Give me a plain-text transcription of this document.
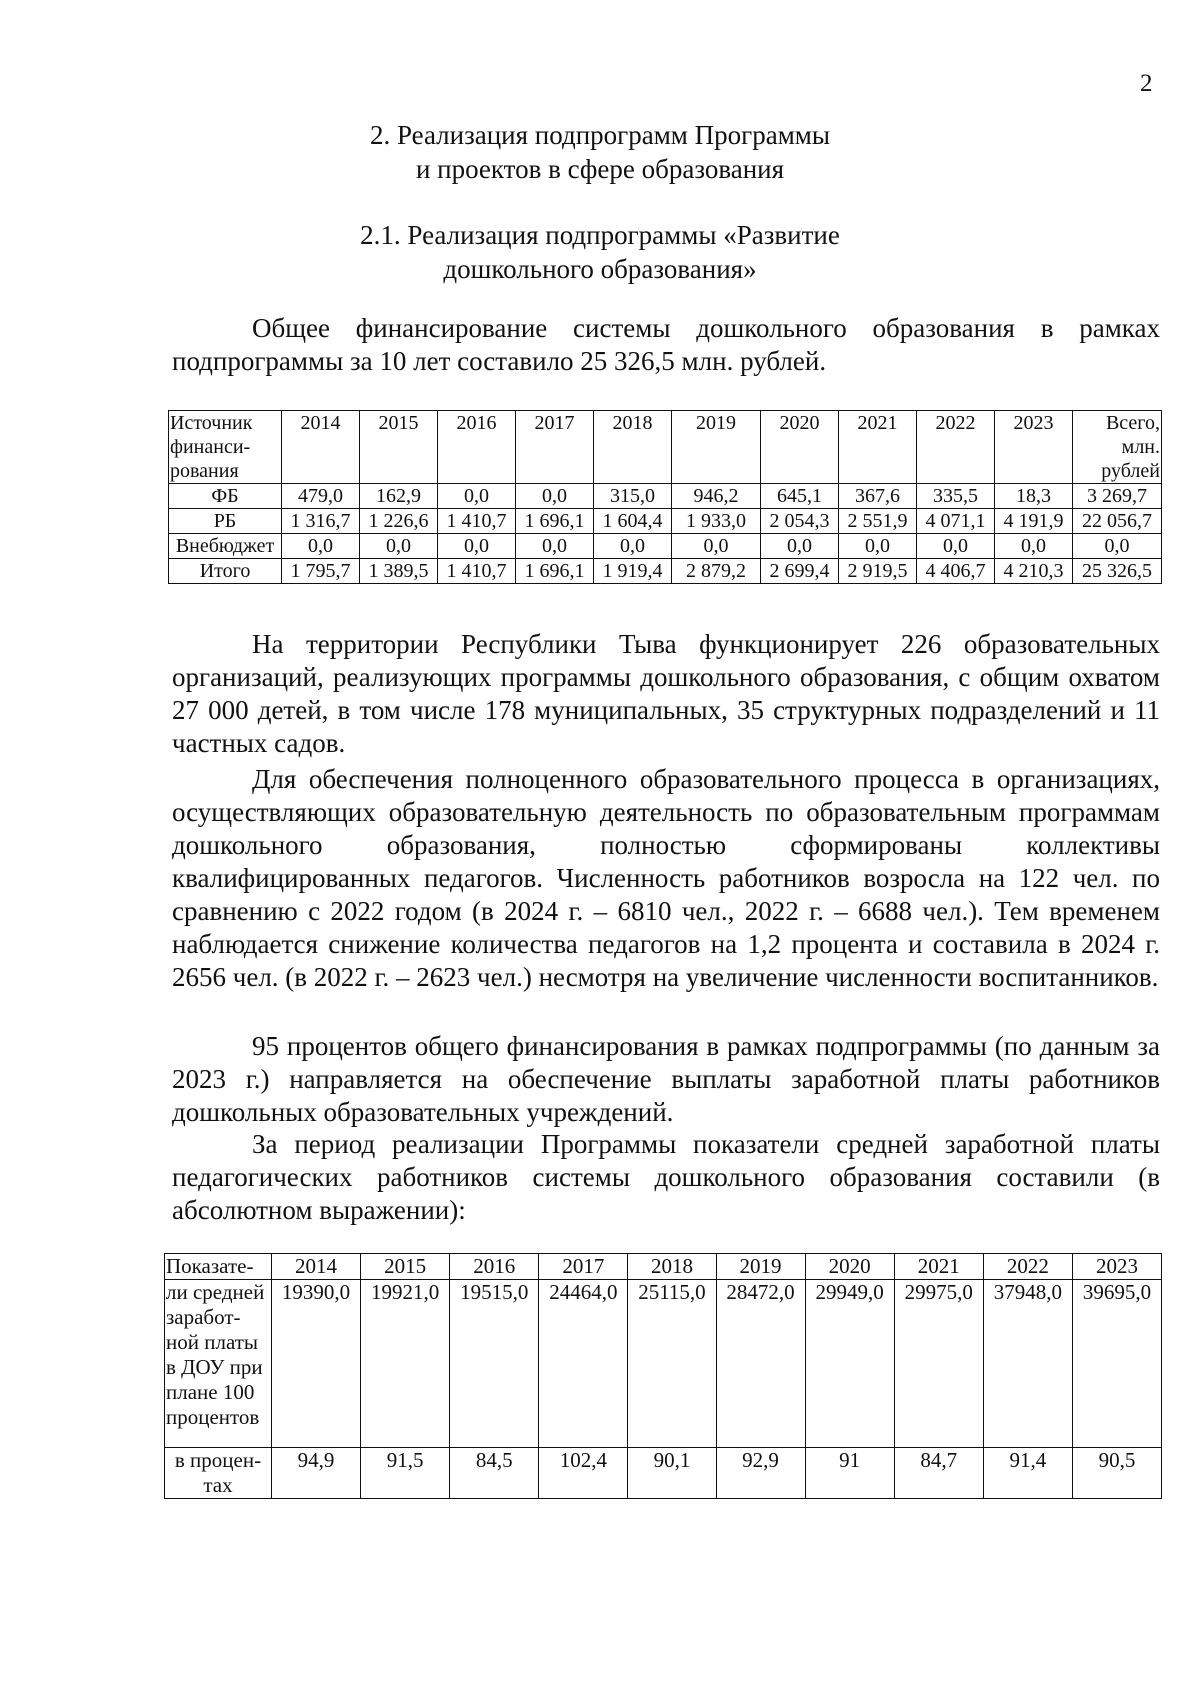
2
2. Реализация подпрограмм Программы
и проектов в сфере образования
2.1. Реализация подпрограммы «Развитие
дошкольного образования»

Общее финансирование системы дошкольного образования в рамках подпрограммы за 10 лет составило 25 326,5 млн. рублей.

Источник финанси-рования	2014	2015	2016	2017	2018	2019	2020	2021	2022	2023	Всего, млн. рублей
ФБ	479,0	162,9	0,0	0,0	315,0	946,2	645,1	367,6	335,5	18,3	3 269,7
РБ	1 316,7	1 226,6	1 410,7	1 696,1	1 604,4	1 933,0	2 054,3	2 551,9	4 071,1	4 191,9	22 056,7
Внебюджет	0,0	0,0	0,0	0,0	0,0	0,0	0,0	0,0	0,0	0,0	0,0
Итого	1 795,7	1 389,5	1 410,7	1 696,1	1 919,4	2 879,2	2 699,4	2 919,5	4 406,7	4 210,3	25 326,5

На территории Республики Тыва функционирует 226 образовательных организаций, реализующих программы дошкольного образования, с общим охватом 27 000 детей, в том числе 178 муниципальных, 35 структурных подразделений и 11 частных садов.

Для обеспечения полноценного образовательного процесса в организациях, осуществляющих образовательную деятельность по образовательным программам дошкольного образования, полностью сформированы коллективы квалифицированных педагогов. Численность работников возросла на 122 чел. по сравнению с 2022 годом (в 2024 г. – 6810 чел., 2022 г. – 6688 чел.). Тем временем наблюдается снижение количества педагогов на 1,2 процента и составила в 2024 г. 2656 чел. (в 2022 г. – 2623 чел.) несмотря на увеличение численности воспитанников.

95 процентов общего финансирования в рамках подпрограммы (по данным за 2023 г.) направляется на обеспечение выплаты заработной платы работников дошкольных образовательных учреждений.

За период реализации Программы показатели средней заработной платы педагогических работников системы дошкольного образования составили (в абсолютном выражении):

Показате-	2014	2015	2016	2017	2018	2019	2020	2021	2022	2023
ли средней заработ-ной платы в ДОУ при плане 100 процентов	19390,0	19921,0	19515,0	24464,0	25115,0	28472,0	29949,0	29975,0	37948,0	39695,0
в процен-тах	94,9	91,5	84,5	102,4	90,1	92,9	91	84,7	91,4	90,5
